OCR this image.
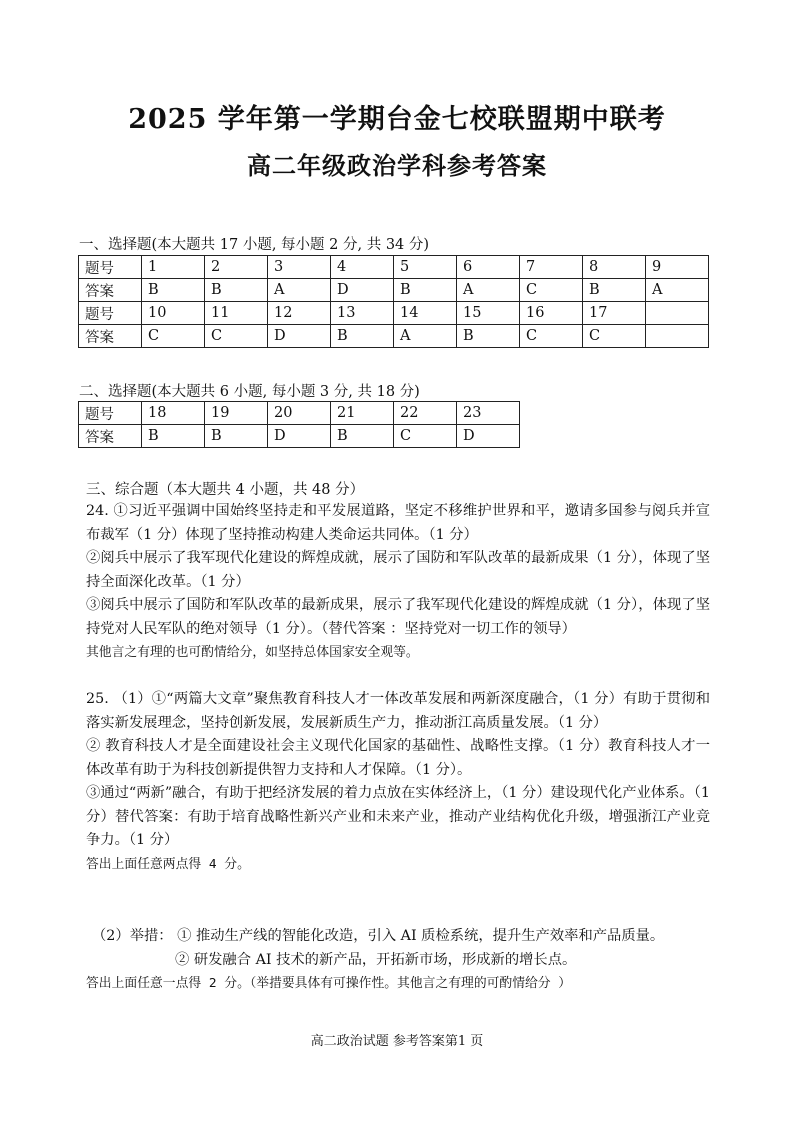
2025 学年第一学期台金七校联盟期中联考
高二年级政治学科参考答案
一、选择题(本大题共 17 小题, 每小题 2 分, 共 34 分)
题号	1	2	3	4	5	6	7	8	9
答案	B	B	A	D	B	A	C	B	A
题号	10	11	12	13	14	15	16	17	
答案	C	C	D	B	A	B	C	C	
二、选择题(本大题共 6 小题, 每小题 3 分, 共 18 分)
题号	18	19	20	21	22	23
答案	B	B	D	B	C	D
三、综合题（本大题共 4 小题，共 48 分）
24. ①习近平强调中国始终坚持走和平发展道路，坚定不移维护世界和平，邀请多国参与阅兵并宣布裁军（1 分）体现了坚持推动构建人类命运共同体。（1 分）
②阅兵中展示了我军现代化建设的辉煌成就，展示了国防和军队改革的最新成果（1 分），体现了坚持全面深化改革。（1 分）
③阅兵中展示了国防和军队改革的最新成果，展示了我军现代化建设的辉煌成就（1 分），体现了坚持党对人民军队的绝对领导（1 分）。（替代答案 ：坚持党对一切工作的领导）
其他言之有理的也可酌情给分，如坚持总体国家安全观等。
25. （1）①“两篇大文章”聚焦教育科技人才一体改革发展和两新深度融合，（1 分）有助于贯彻和落实新发展理念，坚持创新发展，发展新质生产力，推动浙江高质量发展。（1 分）
② 教育科技人才是全面建设社会主义现代化国家的基础性、战略性支撑。（1 分）教育科技人才一体改革有助于为科技创新提供智力支持和人才保障。（1 分）。
③通过“两新”融合，有助于把经济发展的着力点放在实体经济上，（1 分）建设现代化产业体系。（1 分）替代答案：有助于培育战略性新兴产业和未来产业，推动产业结构优化升级，增强浙江产业竞争力。（1 分）
答出上面任意两点得 4 分。
（2）举措： ① 推动生产线的智能化改造，引入 AI 质检系统，提升生产效率和产品质量。
② 研发融合 AI 技术的新产品，开拓新市场，形成新的增长点。
答出上面任意一点得 2 分。（举措要具体有可操作性。其他言之有理的可酌情给分 ）
高二政治试题 参考答案第1 页
